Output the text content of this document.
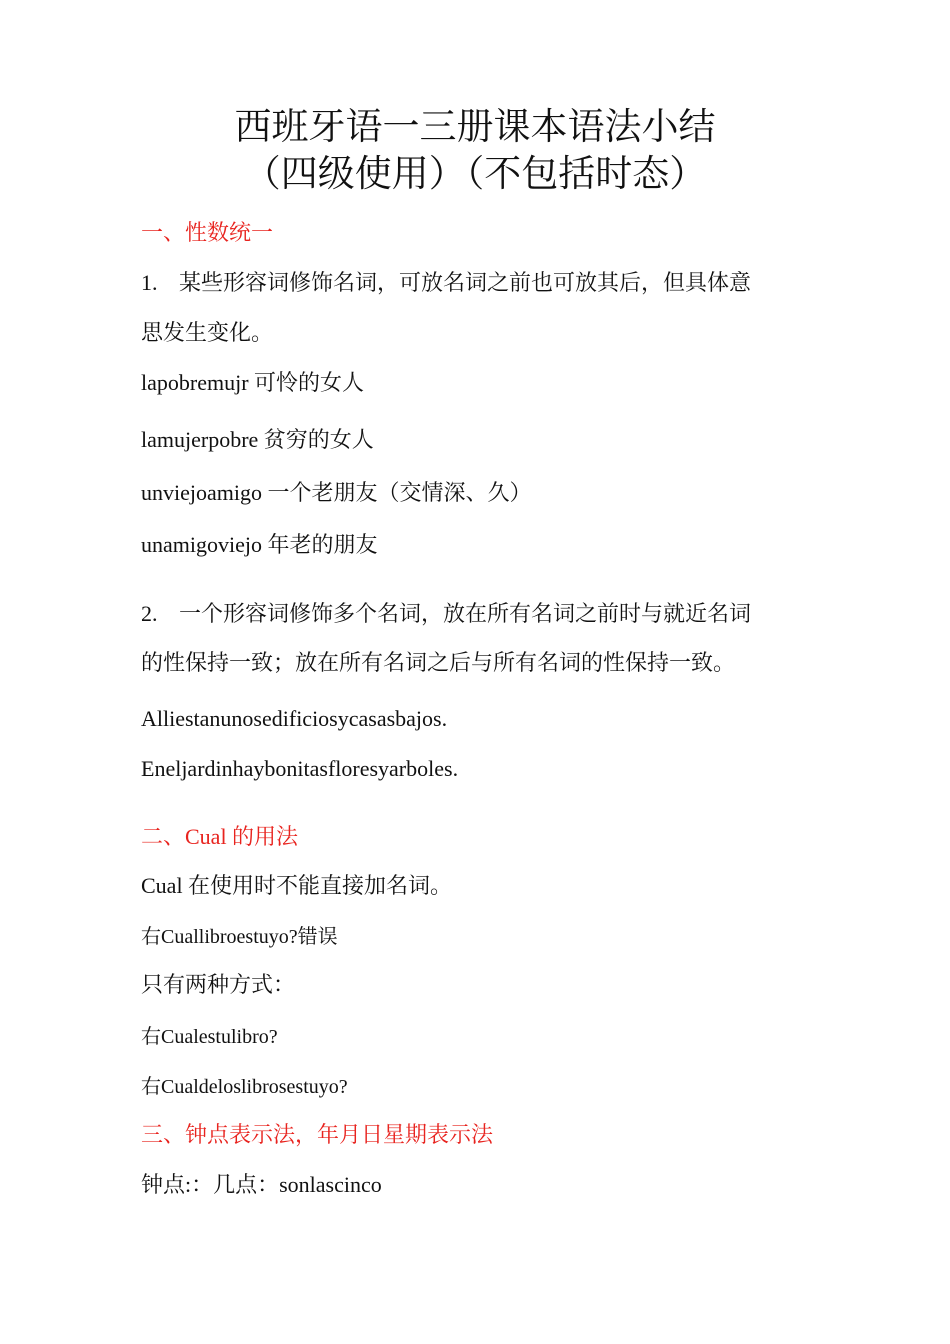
西班牙语一三册课本语法小结
（四级使用）（不包括时态）
一、性数统一
1. 某些形容词修饰名词，可放名词之前也可放其后，但具体意
思发生变化。
lapobremujr 可怜的女人
lamujerpobre 贫穷的女人
unviejoamigo 一个老朋友（交情深、久）
unamigoviejo 年老的朋友
2. 一个形容词修饰多个名词，放在所有名词之前时与就近名词
的性保持一致；放在所有名词之后与所有名词的性保持一致。
Alliestanunosedificiosycasasbajos.
Eneljardinhaybonitasfloresyarboles.
二、Cual 的用法
Cual 在使用时不能直接加名词。
右Cuallibroestuyo?错误
只有两种方式：
右Cualestulibro?
右Cualdeloslibrosestuyo?
三、钟点表示法，年月日星期表示法
钟点:：几点：sonlascinco
